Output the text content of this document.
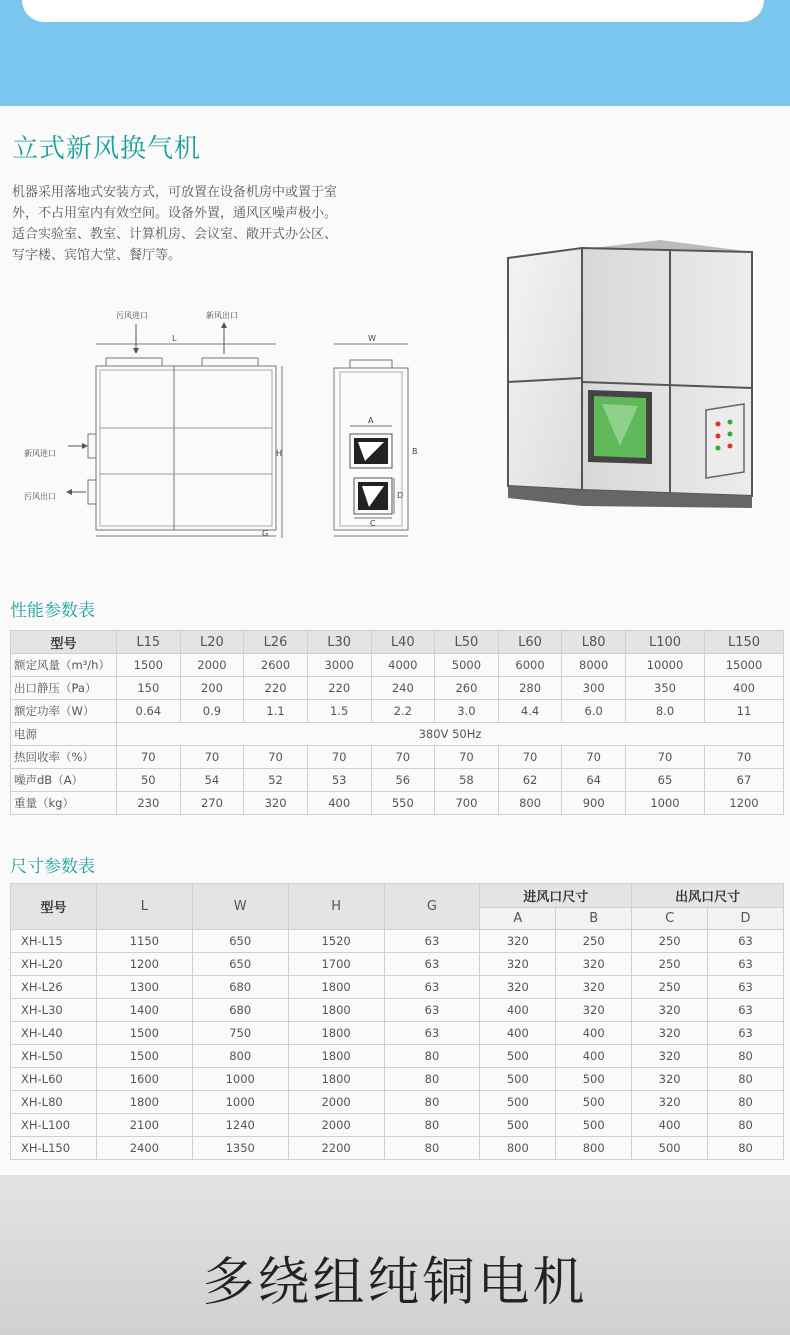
立式新风换气机

机器采用落地式安装方式，可放置在设备机房中或置于室

外，不占用室内有效空间。设备外置，通风区噪声极小。

适合实验室、教室、计算机房、会议室、敞开式办公区、

写字楼、宾馆大堂、餐厅等。

污风进口	新风出口
新风进口
污风出口
L	W
H
G
A
B
C
D
性能参数表
型号	L15	L20	L26	L30	L40	L50	L60	L80	L100	L150
额定风量（m³/h）	1500	2000	2600	3000	4000	5000	6000	8000	10000	15000
出口静压（Pa）	150	200	220	220	240	260	280	300	350	400
额定功率（W）	0.64	0.9	1.1	1.5	2.2	3.0	4.4	6.0	8.0	11
电源	380V 50Hz									
热回收率（%）	70	70	70	70	70	70	70	70	70	70
噪声dB（A）	50	54	52	53	56	58	62	64	65	67
重量（kg）	230	270	320	400	550	700	800	900	1000	1200
尺寸参数表
型号	L	W	H	G	进风口尺寸		出风口尺寸	
					A	B	C	D
XH-L15	1150	650	1520	63	320	250	250	63
XH-L20	1200	650	1700	63	320	320	250	63
XH-L26	1300	680	1800	63	320	320	250	63
XH-L30	1400	680	1800	63	400	320	320	63
XH-L40	1500	750	1800	63	400	400	320	63
XH-L50	1500	800	1800	80	500	400	320	80
XH-L60	1600	1000	1800	80	500	500	320	80
XH-L80	1800	1000	2000	80	500	500	320	80
XH-L100	2100	1240	2000	80	500	500	400	80
XH-L150	2400	1350	2200	80	800	800	500	80
多绕组纯铜电机
